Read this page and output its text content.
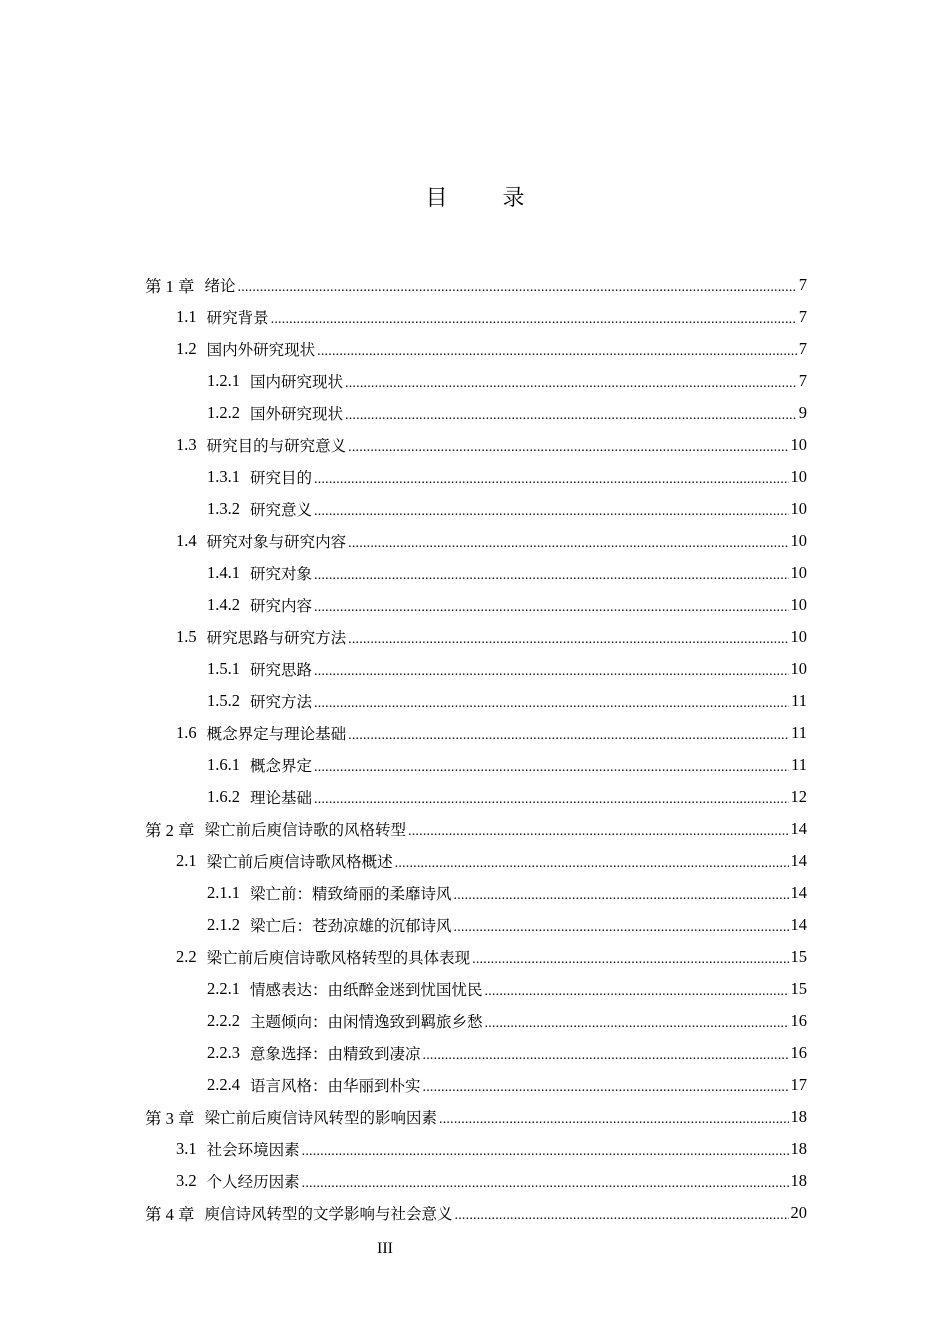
目 录
第 1 章 绪论 .....	7
1.1 研究背景 .....	7
1.2 国内外研究现状 .....	7
1.2.1 国内研究现状 .....	7
1.2.2 国外研究现状 .....	9
1.3 研究目的与研究意义 .....	10
1.3.1 研究目的 .....	10
1.3.2 研究意义 .....	10
1.4 研究对象与研究内容 .....	10
1.4.1 研究对象 .....	10
1.4.2 研究内容 .....	10
1.5 研究思路与研究方法 .....	10
1.5.1 研究思路 .....	10
1.5.2 研究方法 .....	11
1.6 概念界定与理论基础 .....	11
1.6.1 概念界定 .....	11
1.6.2 理论基础 .....	12
第 2 章 梁亡前后庾信诗歌的风格转型 .....	14
2.1 梁亡前后庾信诗歌风格概述 .....	14
2.1.1 梁亡前：精致绮丽的柔靡诗风 .....	14
2.1.2 梁亡后：苍劲凉雄的沉郁诗风 .....	14
2.2 梁亡前后庾信诗歌风格转型的具体表现 .....	15
2.2.1 情感表达：由纸醉金迷到忧国忧民 .....	15
2.2.2 主题倾向：由闲情逸致到羁旅乡愁 .....	16
2.2.3 意象选择：由精致到凄凉 .....	16
2.2.4 语言风格：由华丽到朴实 .....	17
第 3 章 梁亡前后庾信诗风转型的影响因素 .....	18
3.1 社会环境因素 .....	18
3.2 个人经历因素 .....	18
第 4 章 庾信诗风转型的文学影响与社会意义 .....	20
III
